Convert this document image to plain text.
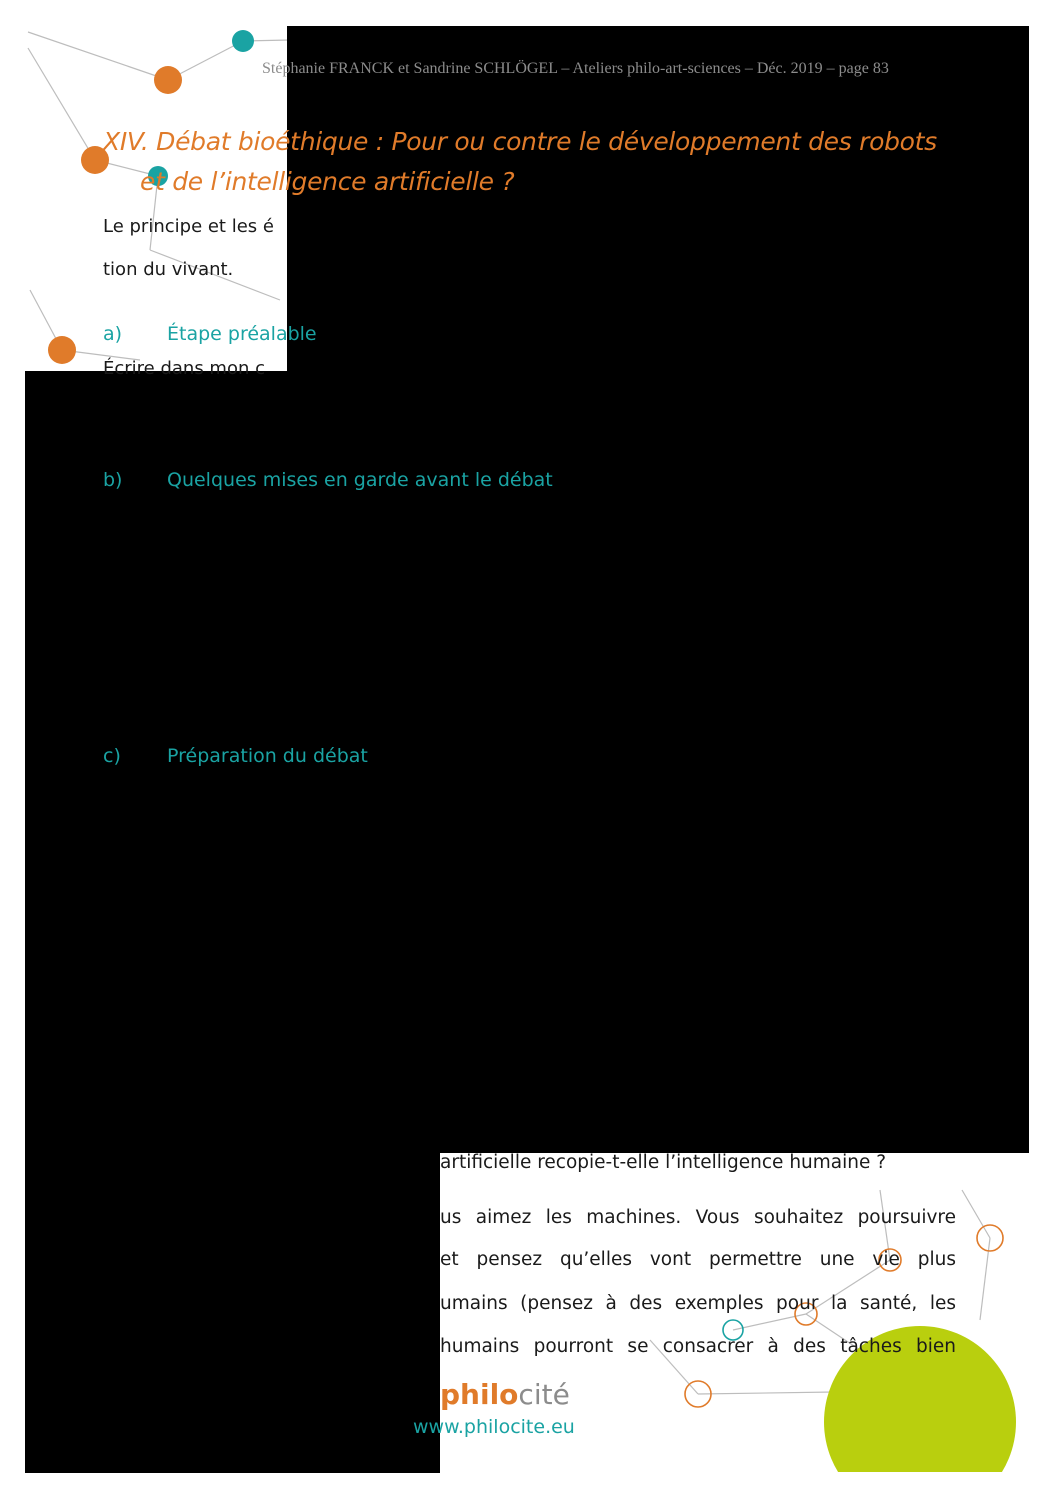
Stéphanie FRANCK et Sandrine SCHLÖGEL – Ateliers philo-art-sciences – Déc. 2019 – page 83
XIV. Débat bioéthique : Pour ou contre le développement des robots
et de l’intelligence artificielle ?
Le principe et les é
tion du vivant.
a) Étape préalable
Écrire dans mon c
b) Quelques mises en garde avant le débat
c) Préparation du débat
artificielle recopie-t-elle l’intelligence humaine ?
us aimez les machines. Vous souhaitez poursuivre
et pensez qu’elles vont permettre une vie plus
umains (pensez à des exemples pour la santé, les
humains pourront se consacrer à des tâches bien
philocité
www.philocite.eu
